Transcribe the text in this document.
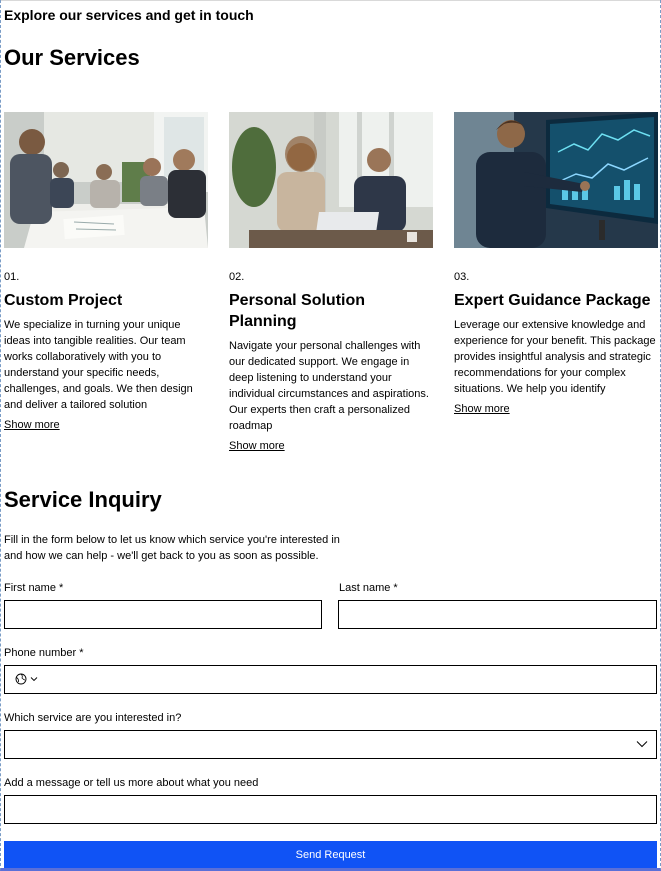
Explore our services and get in touch
Our Services
01.
Custom Project
We specialize in turning your unique ideas into tangible realities. Our team works collaboratively with you to understand your specific needs, challenges, and goals. We then design and deliver a tailored solution
Show more
02.
Personal Solution Planning
Navigate your personal challenges with our dedicated support. We engage in deep listening to understand your individual circumstances and aspirations. Our experts then craft a personalized roadmap
Show more
03.
Expert Guidance Package
Leverage our extensive knowledge and experience for your benefit. This package provides insightful analysis and strategic recommendations for your complex situations. We help you identify
Show more
Service Inquiry
Fill in the form below to let us know which service you're interested in and how we can help - we'll get back to you as soon as possible.
First name *	Last name *
Phone number *
Which service are you interested in?
Add a message or tell us more about what you need
Send Request
